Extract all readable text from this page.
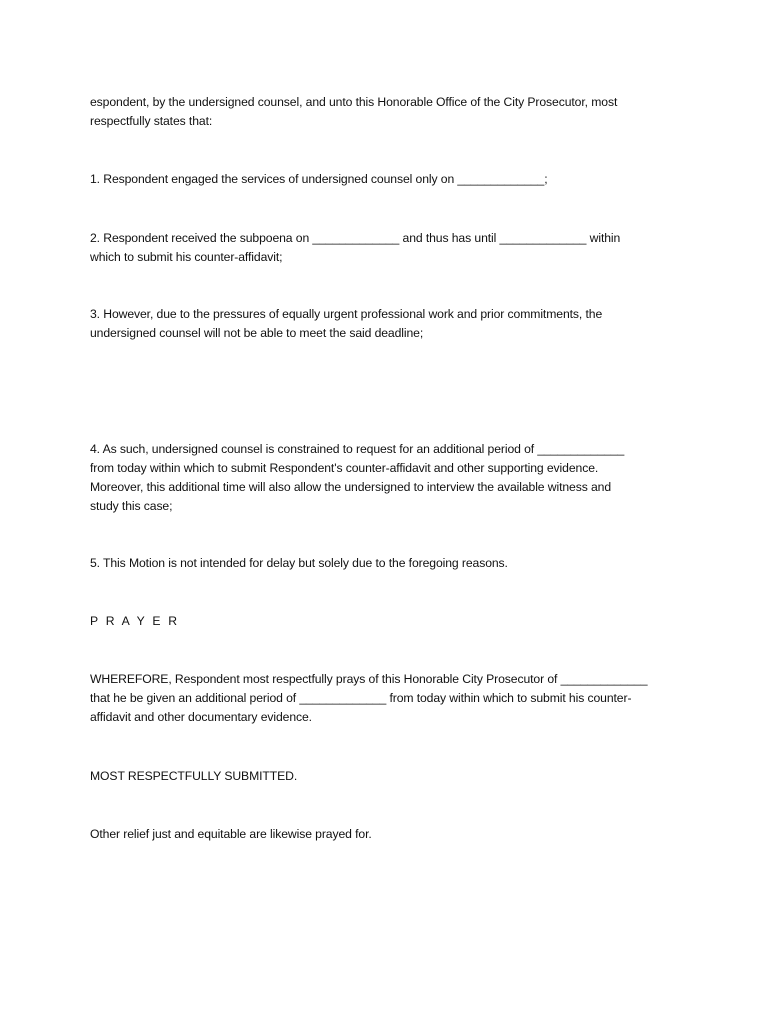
espondent, by the undersigned counsel, and unto this Honorable Office of the City Prosecutor, most
respectfully states that:

1. Respondent engaged the services of undersigned counsel only on _____________;

2. Respondent received the subpoena on _____________ and thus has until _____________ within
which to submit his counter-affidavit;

3. However, due to the pressures of equally urgent professional work and prior commitments, the
undersigned counsel will not be able to meet the said deadline;

4. As such, undersigned counsel is constrained to request for an additional period of _____________
from today within which to submit Respondent's counter-affidavit and other supporting evidence.
Moreover, this additional time will also allow the undersigned to interview the available witness and
study this case;

5. This Motion is not intended for delay but solely due to the foregoing reasons.

P R A Y E R

WHEREFORE, Respondent most respectfully prays of this Honorable City Prosecutor of _____________
that he be given an additional period of _____________ from today within which to submit his counter-
affidavit and other documentary evidence.

MOST RESPECTFULLY SUBMITTED.

Other relief just and equitable are likewise prayed for.
